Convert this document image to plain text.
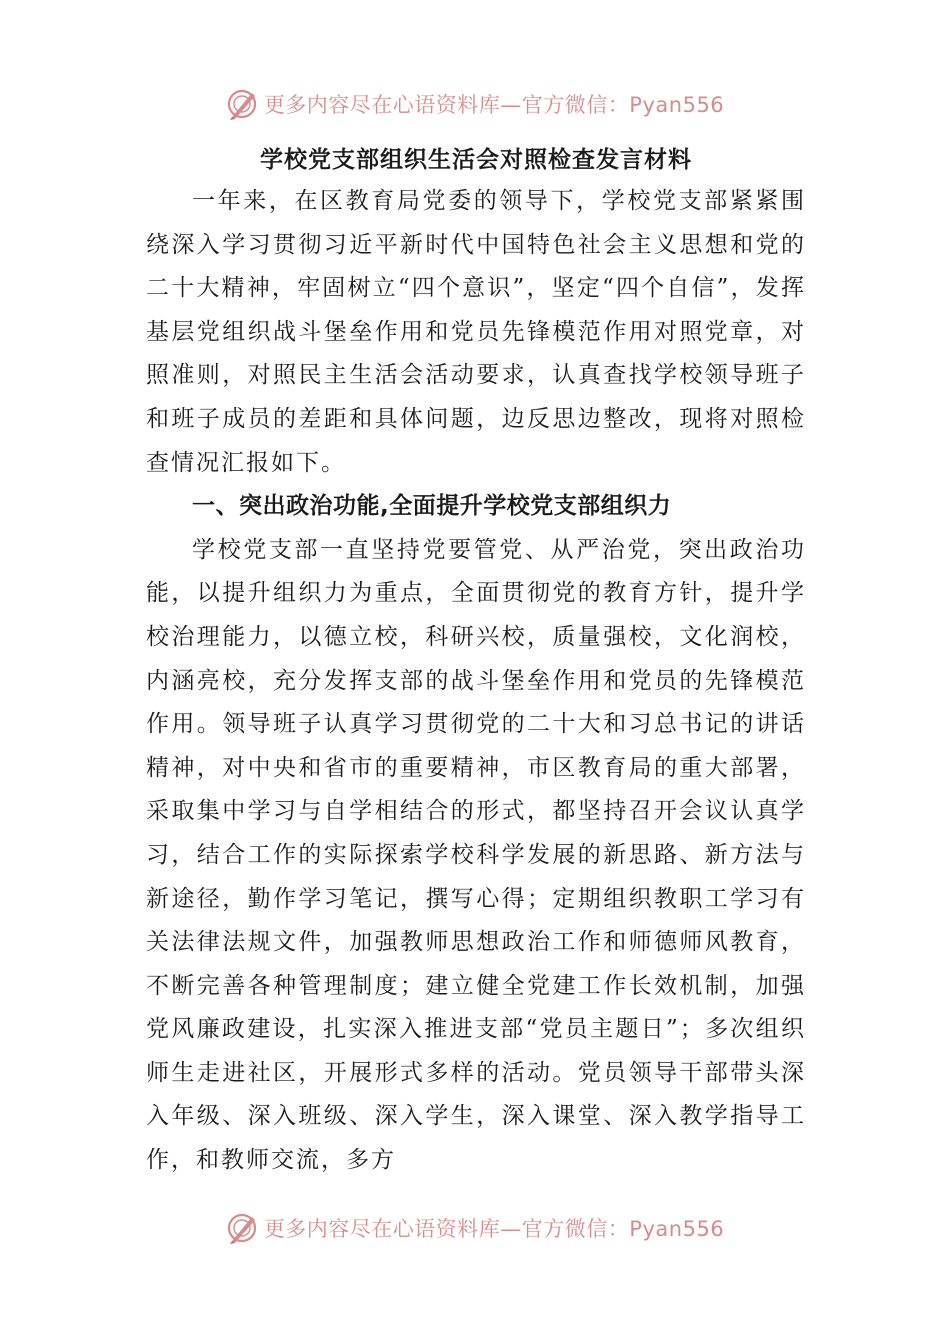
更多内容尽在心语资料库—官方微信：Pyan556
学校党支部组织生活会对照检查发言材料

一年来，在区教育局党委的领导下，学校党支部紧紧围绕深入学习贯彻习近平新时代中国特色社会主义思想和党的二十大精神，牢固树立“四个意识”，坚定“四个自信”，发挥基层党组织战斗堡垒作用和党员先锋模范作用对照党章，对照准则，对照民主生活会活动要求，认真查找学校领导班子和班子成员的差距和具体问题，边反思边整改，现将对照检查情况汇报如下。

一、突出政治功能,全面提升学校党支部组织力

学校党支部一直坚持党要管党、从严治党，突出政治功能，以提升组织力为重点，全面贯彻党的教育方针，提升学校治理能力，以德立校，科研兴校，质量强校，文化润校，内涵亮校，充分发挥支部的战斗堡垒作用和党员的先锋模范作用。领导班子认真学习贯彻党的二十大和习总书记的讲话精神，对中央和省市的重要精神，市区教育局的重大部署，采取集中学习与自学相结合的形式，都坚持召开会议认真学习，结合工作的实际探索学校科学发展的新思路、新方法与新途径，勤作学习笔记，撰写心得；定期组织教职工学习有关法律法规文件，加强教师思想政治工作和师德师风教育，不断完善各种管理制度；建立健全党建工作长效机制，加强党风廉政建设，扎实深入推进支部“党员主题日”；多次组织师生走进社区，开展形式多样的活动。党员领导干部带头深入年级、深入班级、深入学生，深入课堂、深入教学指导工作，和教师交流，多方

更多内容尽在心语资料库—官方微信：Pyan556
